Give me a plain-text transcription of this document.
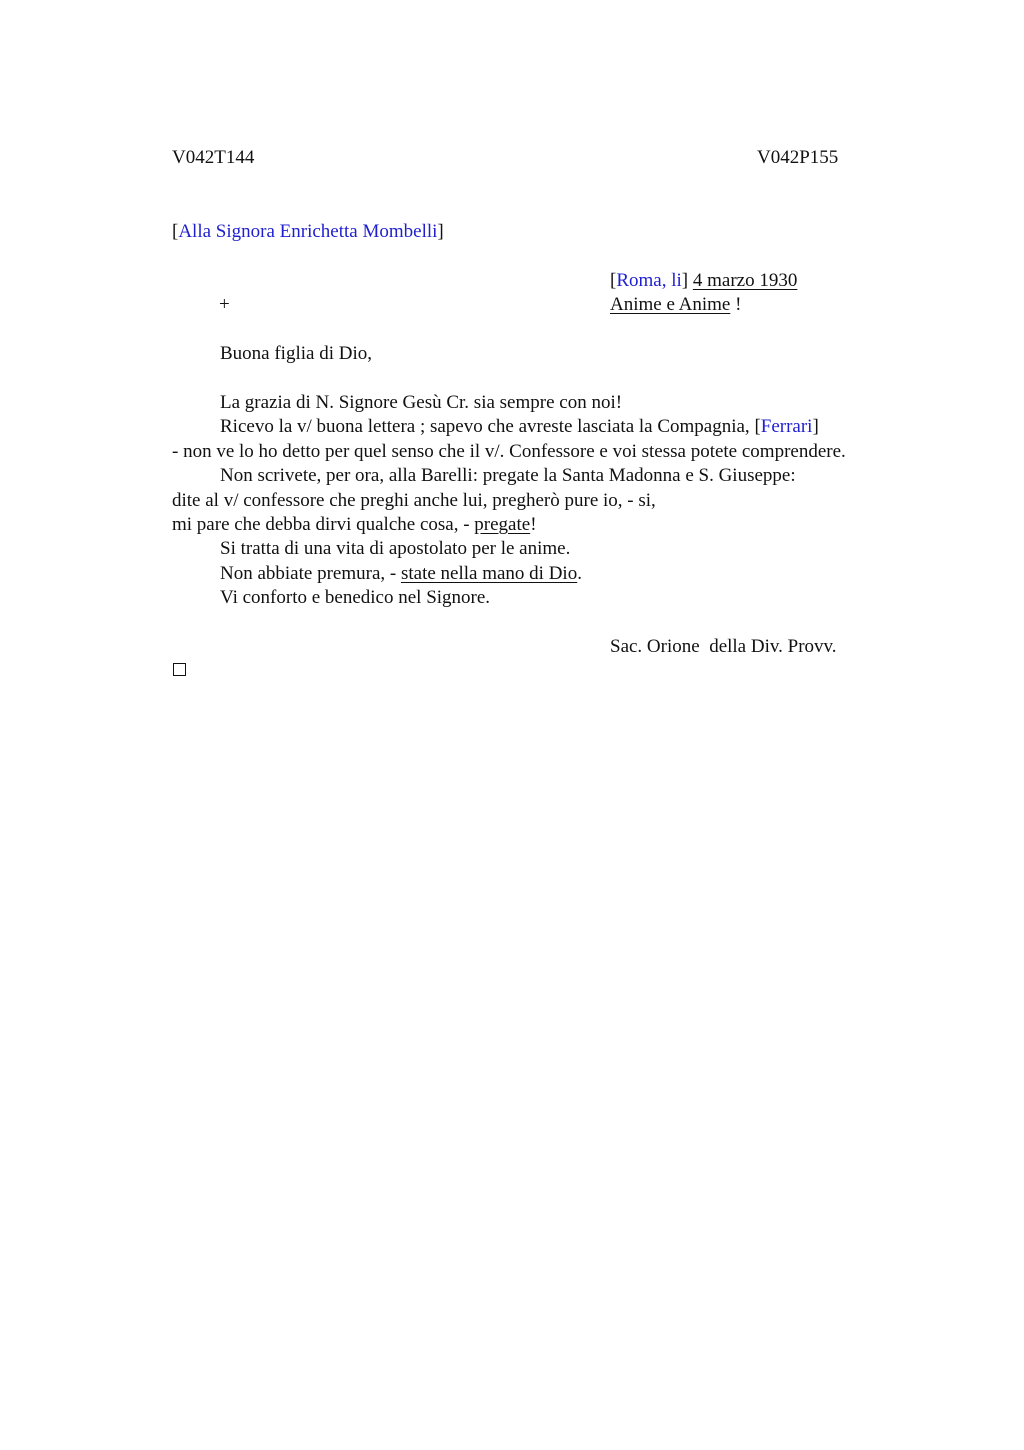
V042T144	V042P155
[Alla Signora Enrichetta Mombelli]
[Roma, li] 4 marzo 1930
+	Anime e Anime !
Buona figlia di Dio,
La grazia di N. Signore Gesù Cr. sia sempre con noi!
Ricevo la v/ buona lettera ; sapevo che avreste lasciata la Compagnia, [Ferrari]
- non ve lo ho detto per quel senso che il v/. Confessore e voi stessa potete comprendere.
Non scrivete, per ora, alla Barelli: pregate la Santa Madonna e S. Giuseppe:
dite al v/ confessore che preghi anche lui, pregherò pure io, - si,
mi pare che debba dirvi qualche cosa, - pregate!
Si tratta di una vita di apostolato per le anime.
Non abbiate premura, - state nella mano di Dio.
Vi conforto e benedico nel Signore.
Sac. Orione  della Div. Provv.
